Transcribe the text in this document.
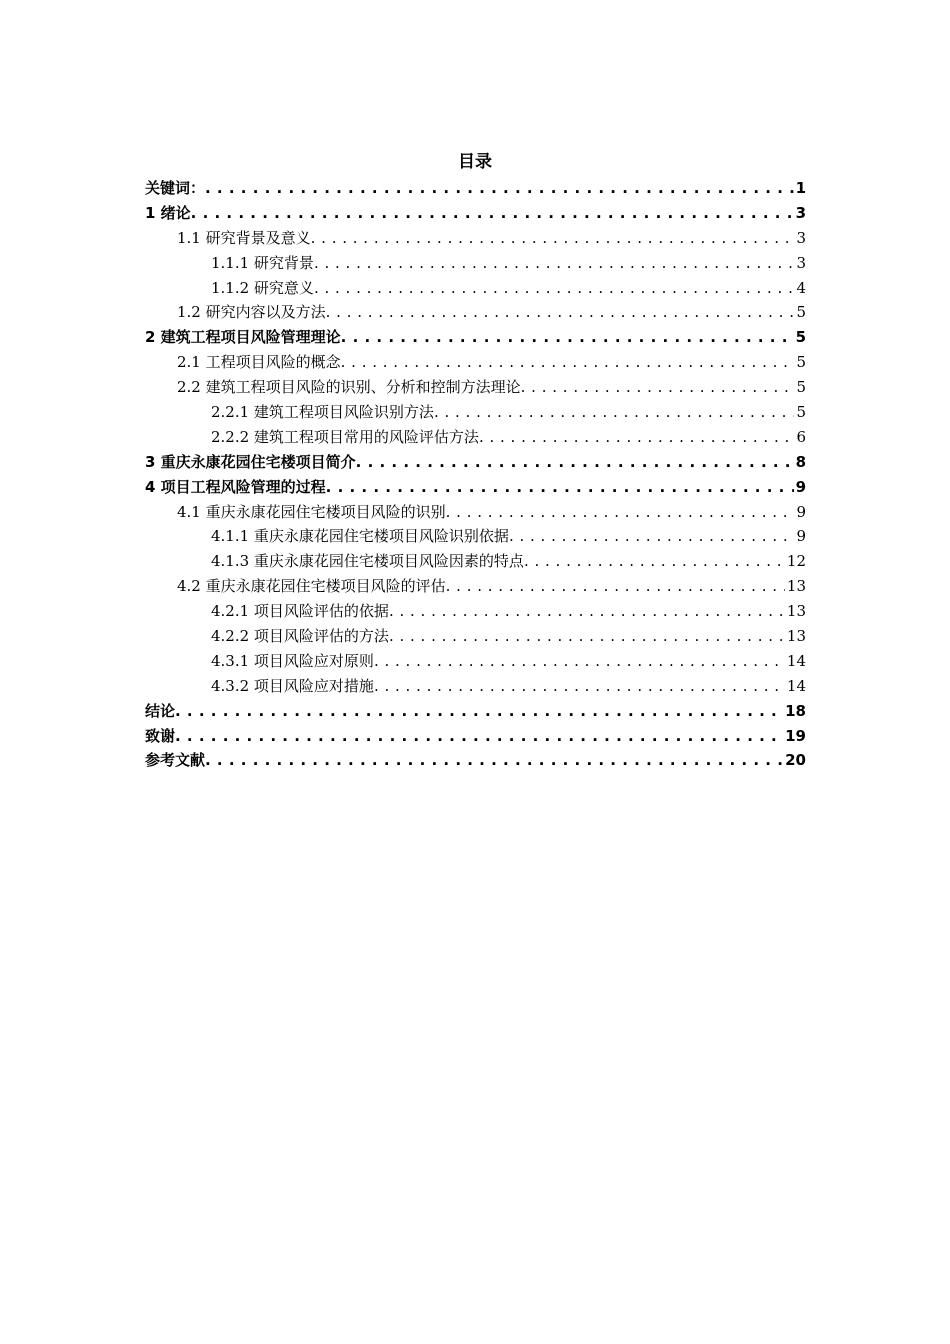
目录
关键词： . . .	1
1 绪论 . . .	3
1.1 研究背景及意义 . . .	3
1.1.1 研究背景 . . .	3
1.1.2 研究意义 . . .	4
1.2 研究内容以及方法 . . .	5
2 建筑工程项目风险管理理论 . . .	5
2.1 工程项目风险的概念 . . .	5
2.2 建筑工程项目风险的识别、分析和控制方法理论 . . .	5
2.2.1 建筑工程项目风险识别方法 . . .	5
2.2.2 建筑工程项目常用的风险评估方法 . . .	6
3 重庆永康花园住宅楼项目简介 . . .	8
4 项目工程风险管理的过程 . . .	9
4.1 重庆永康花园住宅楼项目风险的识别 . . .	9
4.1.1 重庆永康花园住宅楼项目风险识别依据 . . .	9
4.1.3 重庆永康花园住宅楼项目风险因素的特点 . . .	12
4.2 重庆永康花园住宅楼项目风险的评估 . . .	13
4.2.1 项目风险评估的依据 . . .	13
4.2.2 项目风险评估的方法 . . .	13
4.3.1 项目风险应对原则 . . .	14
4.3.2 项目风险应对措施 . . .	14
结论 . . .	18
致谢 . . .	19
参考文献 . . .	20
